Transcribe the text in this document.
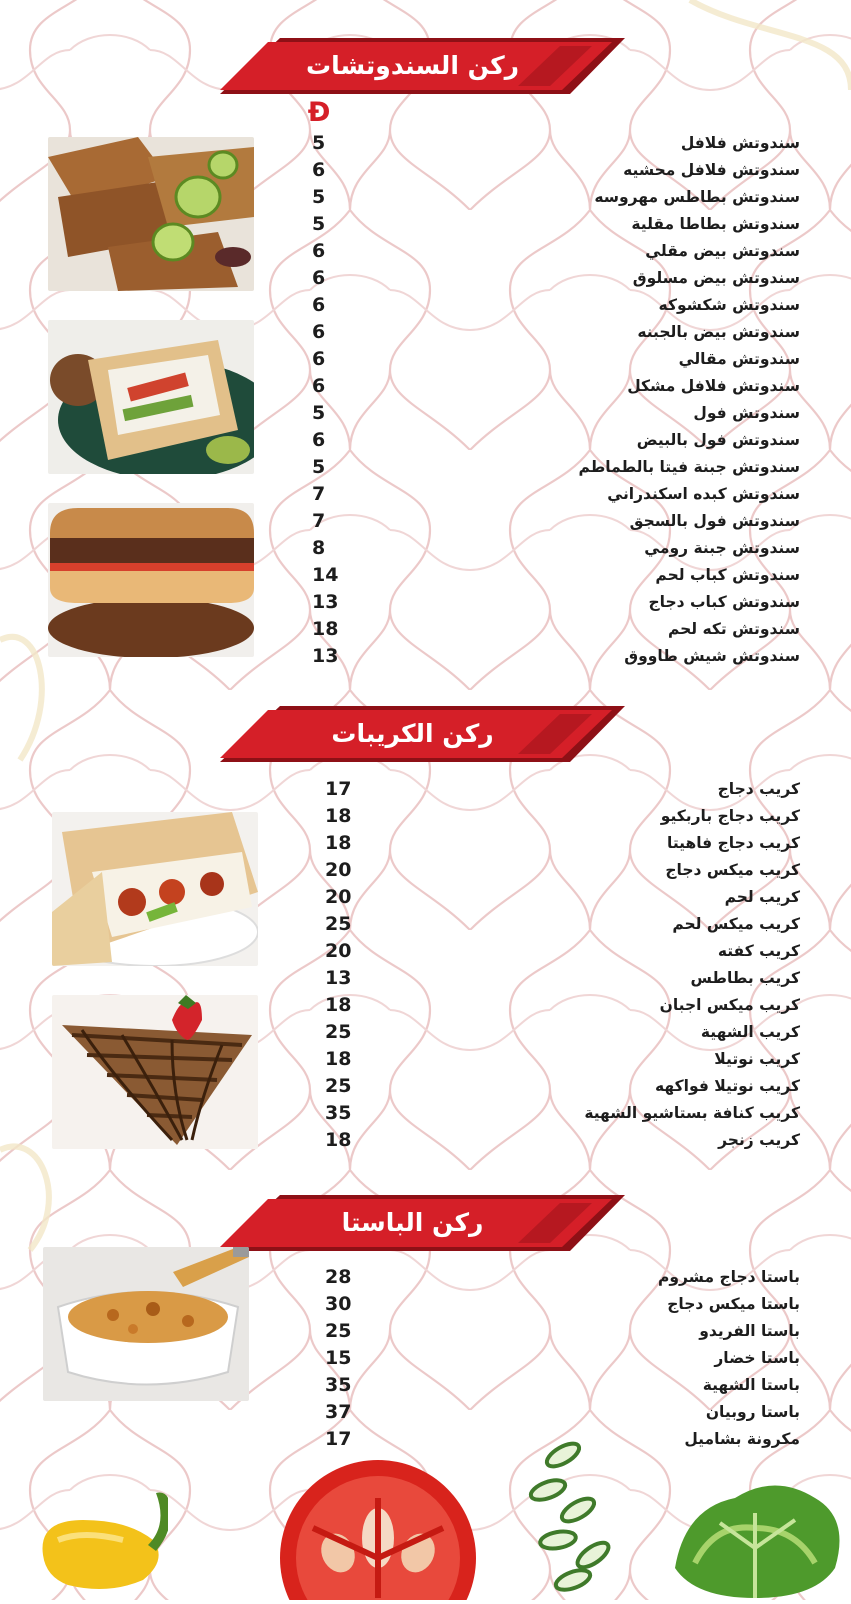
ركن السندوتشات
Đ
سندوتش فلافل
5
سندوتش فلافل محشيه
6
سندوتش بطاطس مهروسه
5
سندوتش بطاطا مقلية
5
سندوتش بيض مقلي
6
سندوتش بيض مسلوق
6
سندوتش شكشوكه
6
سندوتش بيض بالجبنه
6
سندوتش مقالي
6
سندوتش فلافل مشكل
6
سندوتش فول
5
سندوتش فول بالبيض
6
سندوتش جبنة فيتا بالطماطم
5
سندوتش كبده اسكندراني
7
سندوتش فول بالسجق
7
سندوتش جبنة رومي
8
سندوتش كباب لحم
14
سندوتش كباب دجاج
13
سندوتش تكه لحم
18
سندوتش شيش طاووق
13
ركن الكريبات
كريب دجاج
17
كريب دجاج باربكيو
18
كريب دجاج فاهيتا
18
كريب ميكس دجاج
20
كريب لحم
20
كريب ميكس لحم
25
كريب كفته
20
كريب بطاطس
13
كريب ميكس اجبان
18
كريب الشهية
25
كريب نوتيلا
18
كريب نوتيلا فواكهه
25
كريب كنافة بستاشيو الشهية
35
كريب زنجر
18
ركن الباستا
باستا دجاج مشروم
28
باستا ميكس دجاج
30
باستا الفريدو
25
باستا خضار
15
باستا الشهية
35
باستا روبيان
37
مكرونة بشاميل
17
